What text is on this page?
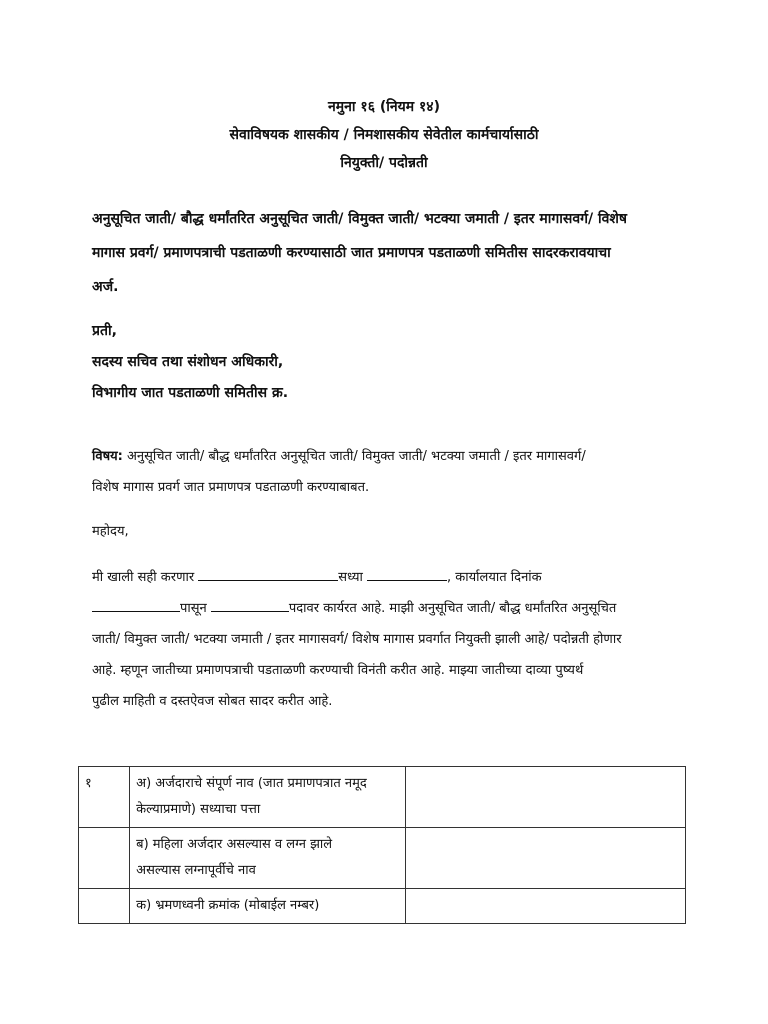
नमुना १६ (नियम १४)
सेवाविषयक शासकीय / निमशासकीय सेवेतील कार्मचार्यासाठी
नियुक्ती/ पदोन्नती
अनुसूचित जाती/ बौद्ध धर्मांतरित अनुसूचित जाती/ विमुक्त जाती/ भटक्या जमाती / इतर मागासवर्ग/ विशेष
मागास प्रवर्ग/ प्रमाणपत्राची पडताळणी करण्यासाठी जात प्रमाणपत्र पडताळणी समितीस सादरकरावयाचा
अर्ज.
प्रती,
सदस्य सचिव तथा संशोधन अधिकारी,
विभागीय जात पडताळणी समितीस क्र.
विषय: अनुसूचित जाती/ बौद्ध धर्मांतरित अनुसूचित जाती/ विमुक्त जाती/ भटक्या जमाती / इतर मागासवर्ग/
विशेष मागास प्रवर्ग जात प्रमाणपत्र पडताळणी करण्याबाबत.
महोदय,
मी खाली सही करणार	सध्या	, कार्यालयात दिनांक
पासून	पदावर कार्यरत आहे. माझी अनुसूचित जाती/ बौद्ध धर्मांतरित अनुसूचित
जाती/ विमुक्त जाती/ भटक्या जमाती / इतर मागासवर्ग/ विशेष मागास प्रवर्गात नियुक्ती झाली आहे/ पदोन्नती होणार
आहे. म्हणून जातीच्या प्रमाणपत्राची पडताळणी करण्याची विनंती करीत आहे. माझ्या जातीच्या दाव्या पुष्यर्थ
पुढील माहिती व दस्तऐवज सोबत सादर करीत आहे.
१	अ) अर्जदाराचे संपूर्ण नाव (जात प्रमाणपत्रात नमूद
केल्याप्रमाणे) सध्याचा पत्ता	

	ब) महिला अर्जदार असल्यास व लग्न झाले
असल्यास लग्नापूर्वीचे नाव	

	क) भ्रमणध्वनी क्रमांक (मोबाईल नम्बर)	
